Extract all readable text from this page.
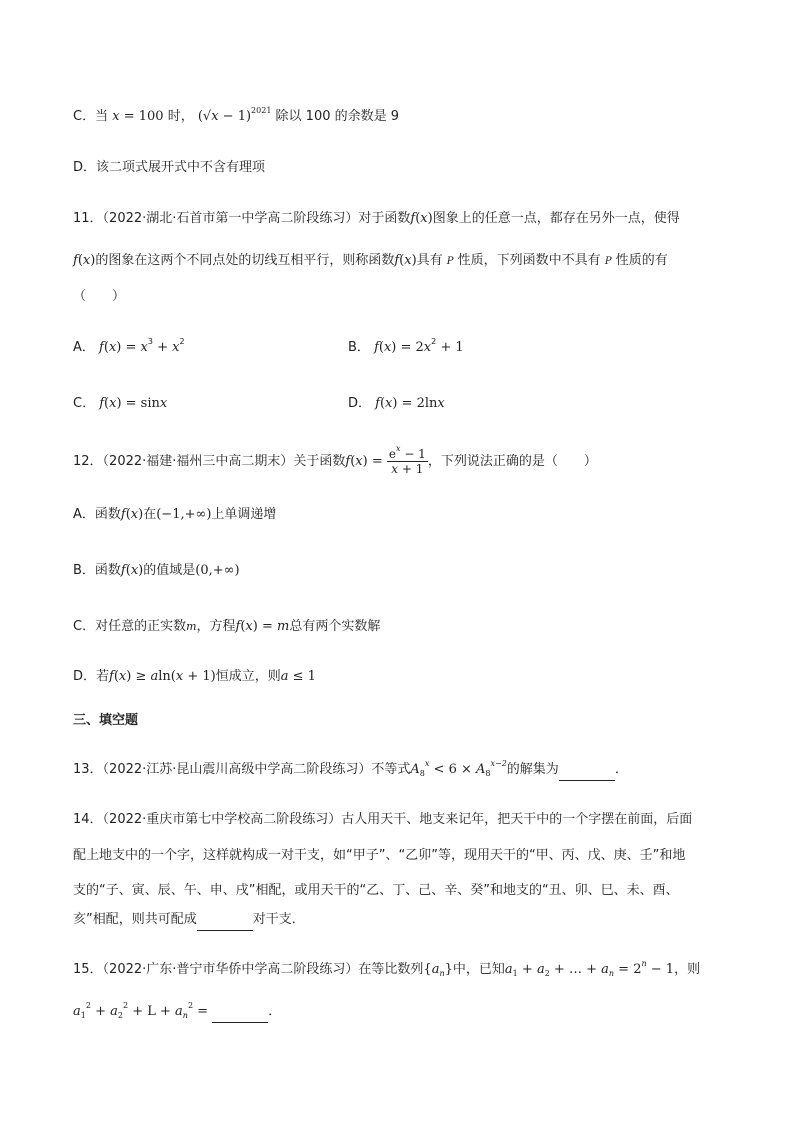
C．当 x = 100 时， $(√x - 1)^{2021}$ 除以 100 的余数是 9
D．该二项式展开式中不含有理项
11．（2022·湖北·石首市第一中学高二阶段练习）对于函数f(x)图象上的任意一点，都存在另外一点，使得
f(x)的图象在这两个不同点处的切线互相平行，则称函数f(x)具有 P 性质，下列函数中不具有 P 性质的有
（　　）
A． $f(x) = x^3 + x^2$	B． $f(x) = 2x^2 + 1$
C． f(x) = sinx	D． f(x) = 2lnx
12．（2022·福建·福州三中高二期末）关于函数$f(x) = \frac{e^x - 1}{x + 1}$ ，下列说法正确的是（　　）
A．函数f(x)在(−1,+∞)上单调递增
B．函数f(x)的值域是(0,+∞)
C．对任意的正实数m，方程f(x) = m总有两个实数解
D．若f(x) ≥ aln(x + 1)恒成立，则a ≤ 1
三、填空题
13．（2022·江苏·昆山震川高级中学高二阶段练习）不等式$A_8^x < 6 \times A_8^{x-2}$的解集为	．
14．（2022·重庆市第七中学校高二阶段练习）古人用天干、地支来记年，把天干中的一个字摆在前面，后面
配上地支中的一个字，这样就构成一对干支，如“甲子”、“乙卯”等，现用天干的“甲、丙、戊、庚、壬”和地
支的“子、寅、辰、午、申、戌”相配，或用天干的“乙、丁、己、辛、癸”和地支的“丑、卯、巳、未、酉、
亥”相配，则共可配成	对干支．
15．（2022·广东·普宁市华侨中学高二阶段练习）在等比数列$\{a_n\}$中，已知$a_1 + a_2$ + … + $a_n = 2^n - 1$，则
$a_1^2 + a_2^2 + L + a_n^2$ =	．
